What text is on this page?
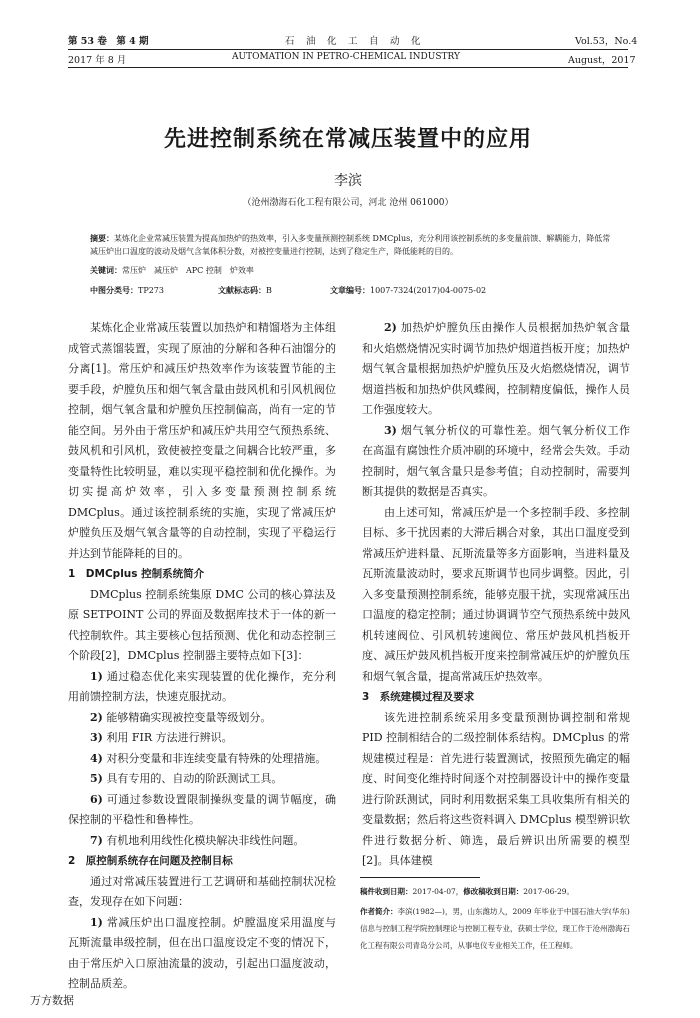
第 53 卷　第 4 期	石　油　化　工　自　动　化	Vol.53，No.4
2017 年 8 月	AUTOMATION IN PETRO-CHEMICAL INDUSTRY	August，2017
先进控制系统在常减压装置中的应用
李滨
（沧州渤海石化工程有限公司，河北 沧州 061000）
摘要：某炼化企业常减压装置为提高加热炉的热效率，引入多变量预测控制系统 DMCplus，充分利用该控制系统的多变量前馈、解耦能力，降低常减压炉出口温度的波动及烟气含氧体积分数，对被控变量进行控制，达到了稳定生产，降低能耗的目的。
关键词：常压炉　减压炉　APC 控制　炉效率
中图分类号：TP273	文献标志码：B	文章编号：1007-7324(2017)04-0075-02

某炼化企业常减压装置以加热炉和精馏塔为主体组成管式蒸馏装置，实现了原油的分解和各种石油馏分的分离[1]。常压炉和减压炉热效率作为该装置节能的主要手段，炉膛负压和烟气氧含量由鼓风机和引风机阀位控制，烟气氧含量和炉膛负压控制偏高，尚有一定的节能空间。另外由于常压炉和减压炉共用空气预热系统、鼓风机和引风机，致使被控变量之间耦合比较严重，多变量特性比较明显，难以实现平稳控制和优化操作。为切实提高炉效率，引入多变量预测控制系统 DMCplus。通过该控制系统的实施，实现了常减压炉炉膛负压及烟气氧含量等的自动控制，实现了平稳运行并达到节能降耗的目的。

1　DMCplus 控制系统简介

DMCplus 控制系统集原 DMC 公司的核心算法及原 SETPOINT 公司的界面及数据库技术于一体的新一代控制软件。其主要核心包括预测、优化和动态控制三个阶段[2]，DMCplus 控制器主要特点如下[3]：

1) 通过稳态优化来实现装置的优化操作，充分利用前馈控制方法，快速克服扰动。

2) 能够精确实现被控变量等级划分。

3) 利用 FIR 方法进行辨识。

4) 对积分变量和非连续变量有特殊的处理措施。

5) 具有专用的、自动的阶跃测试工具。

6) 可通过参数设置限制操纵变量的调节幅度，确保控制的平稳性和鲁棒性。

7) 有机地利用线性化模块解决非线性问题。

2　原控制系统存在问题及控制目标

通过对常减压装置进行工艺调研和基础控制状况检查，发现存在如下问题：

1) 常减压炉出口温度控制。炉膛温度采用温度与瓦斯流量串级控制，但在出口温度设定不变的情况下，由于常压炉入口原油流量的波动，引起出口温度波动，控制品质差。

2) 加热炉炉膛负压由操作人员根据加热炉氧含量和火焰燃烧情况实时调节加热炉烟道挡板开度；加热炉烟气氧含量根据加热炉炉膛负压及火焰燃烧情况，调节烟道挡板和加热炉供风蝶阀，控制精度偏低，操作人员工作强度较大。

3) 烟气氧分析仪的可靠性差。烟气氧分析仪工作在高温有腐蚀性介质冲刷的环境中，经常会失效。手动控制时，烟气氧含量只是参考值；自动控制时，需要判断其提供的数据是否真实。

由上述可知，常减压炉是一个多控制手段、多控制目标、多干扰因素的大滞后耦合对象，其出口温度受到常减压炉进料量、瓦斯流量等多方面影响，当进料量及瓦斯流量波动时，要求瓦斯调节也同步调整。因此，引入多变量预测控制系统，能够克服干扰，实现常减压出口温度的稳定控制；通过协调调节空气预热系统中鼓风机转速阀位、引风机转速阀位、常压炉鼓风机挡板开度、减压炉鼓风机挡板开度来控制常减压炉的炉膛负压和烟气氧含量，提高常减压炉热效率。

3　系统建模过程及要求

该先进控制系统采用多变量预测协调控制和常规 PID 控制相结合的二级控制体系结构。DMCplus 的常规建模过程是：首先进行装置测试，按照预先确定的幅度、时间变化维持时间逐个对控制器设计中的操作变量进行阶跃测试，同时利用数据采集工具收集所有相关的变量数据；然后将这些资料调入 DMCplus 模型辨识软件进行数据分析、筛选，最后辨识出所需要的模型[2]。具体建模

稿件收到日期：2017-04-07，修改稿收到日期：2017-06-29。
作者简介：李滨(1982—)，男，山东潍坊人，2009 年毕业于中国石油大学(华东)信息与控制工程学院控制理论与控制工程专业，获硕士学位，现工作于沧州渤海石化工程有限公司青岛分公司，从事电仪专业相关工作，任工程师。
万方数据
